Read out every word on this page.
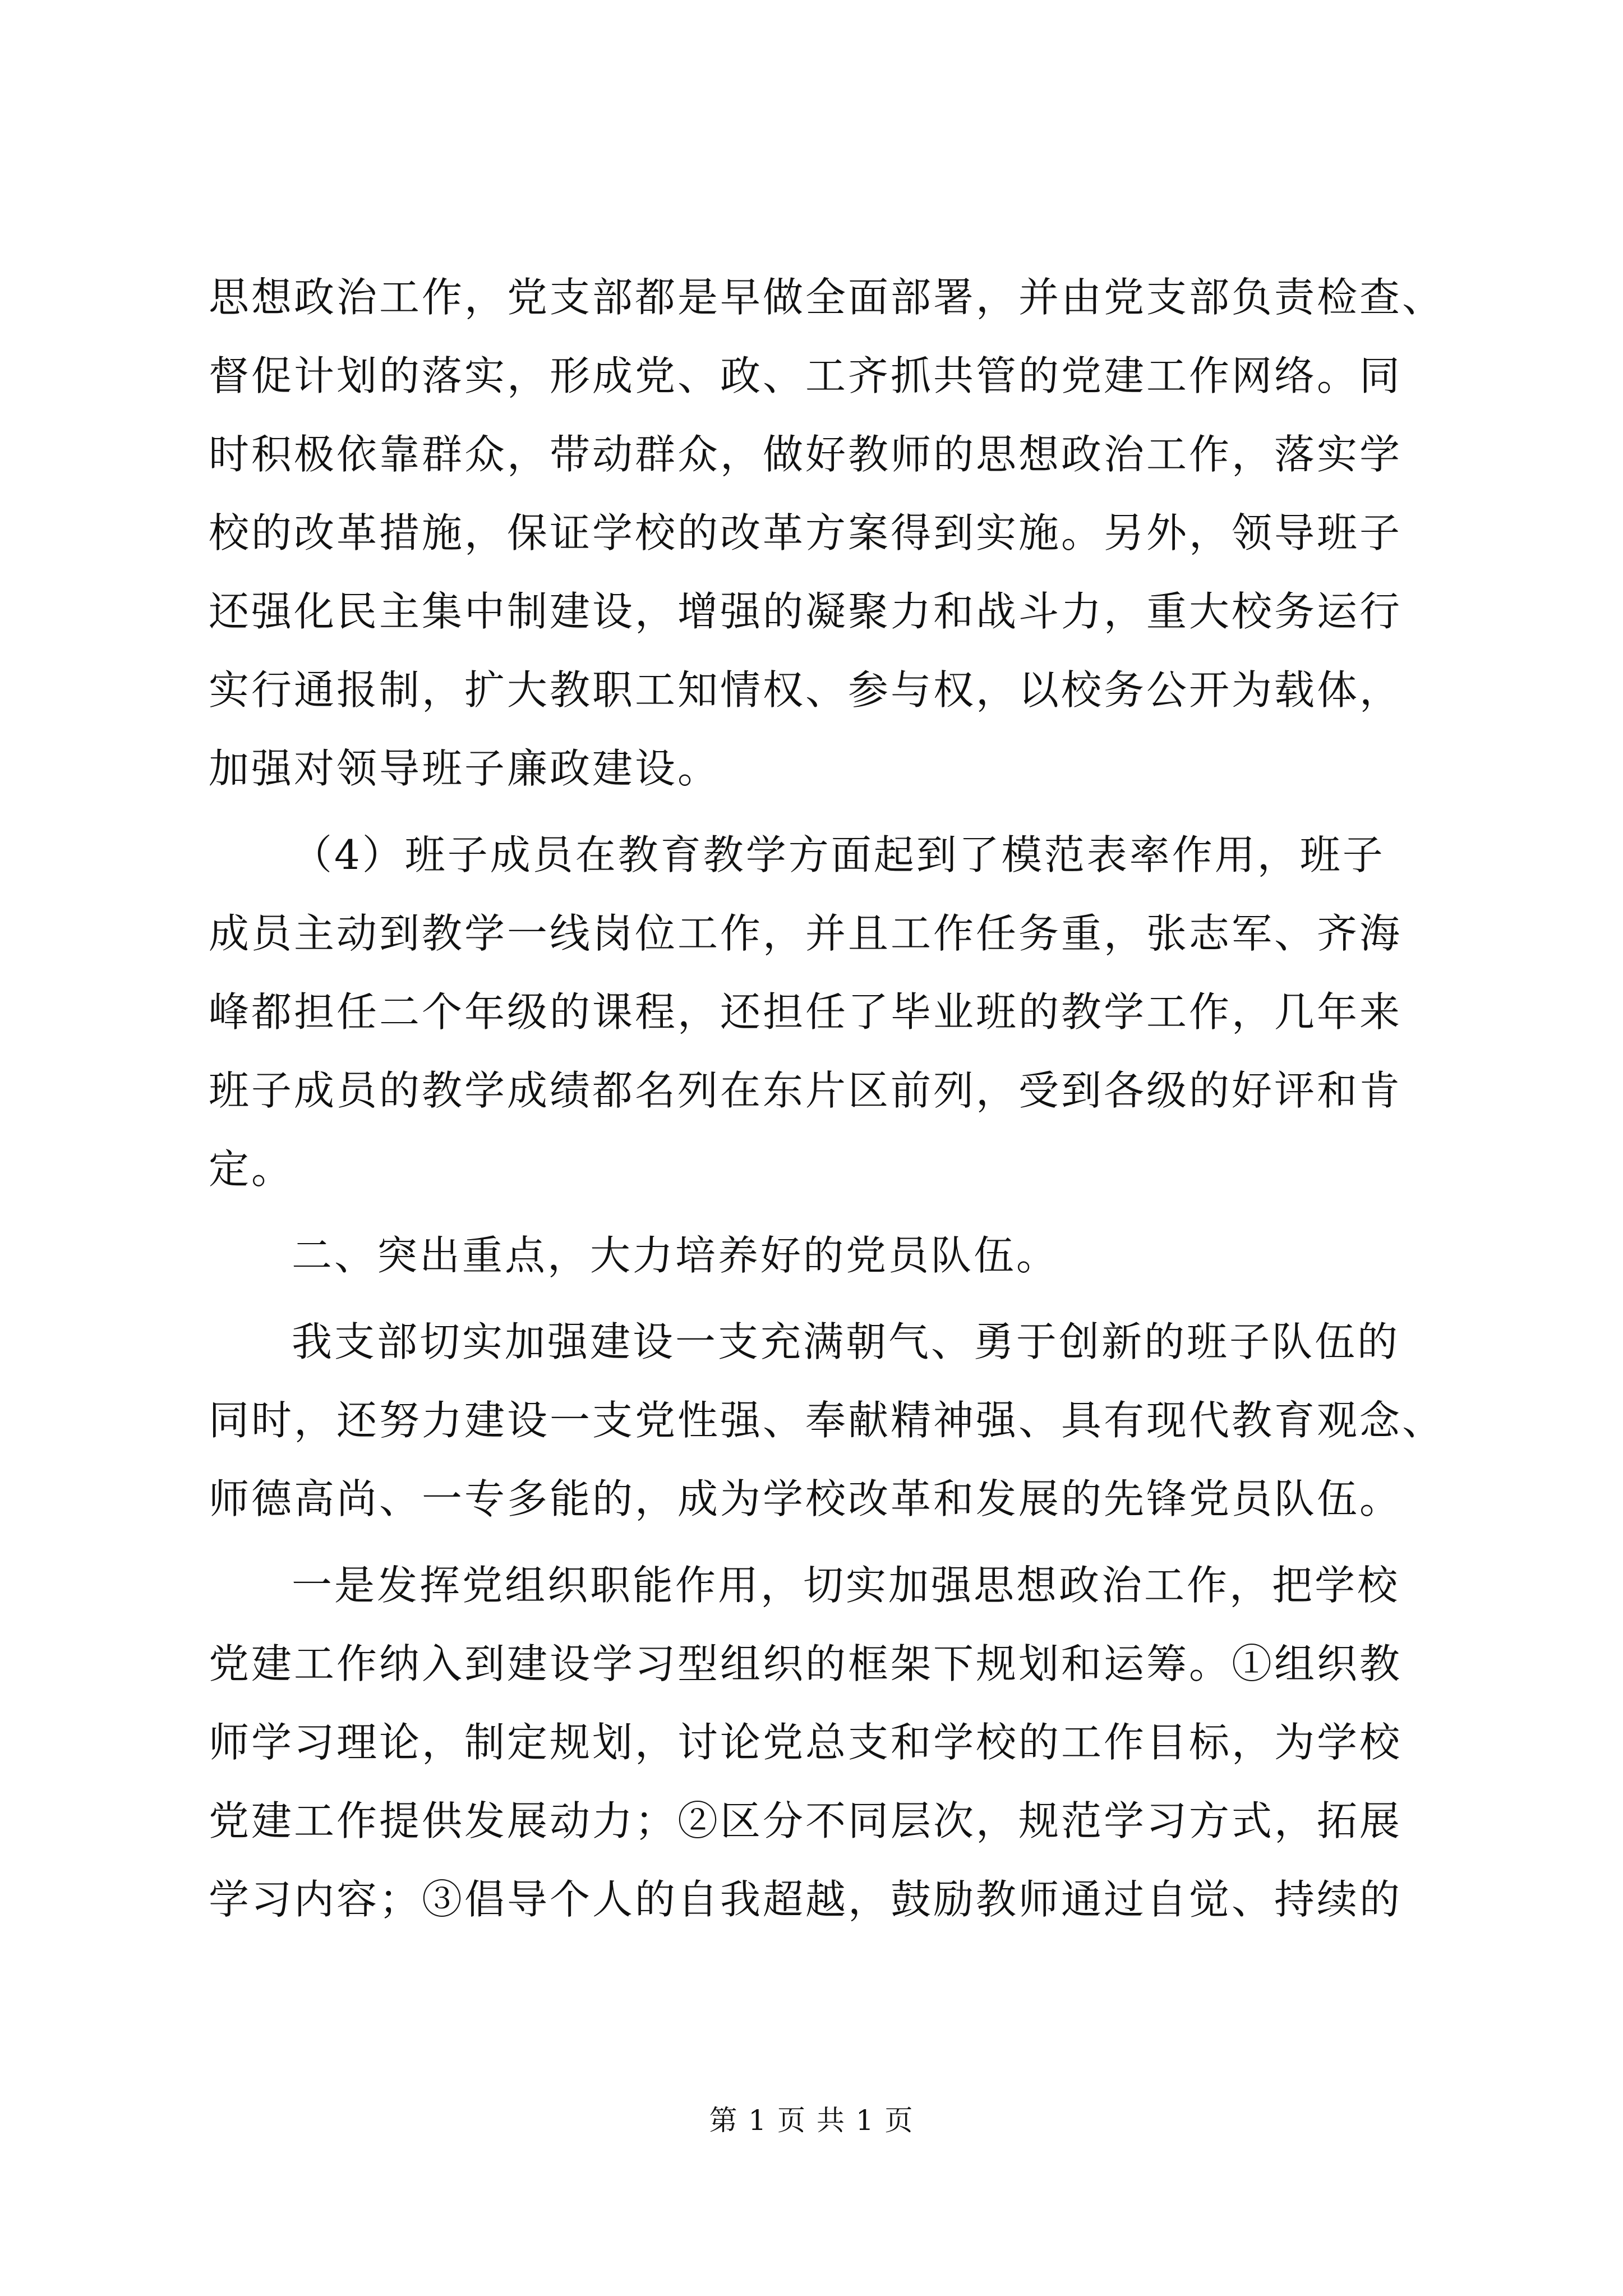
思想政治工作，党支部都是早做全面部署，并由党支部负责检查、
督促计划的落实，形成党、政、工齐抓共管的党建工作网络。同
时积极依靠群众，带动群众，做好教师的思想政治工作，落实学
校的改革措施，保证学校的改革方案得到实施。另外，领导班子
还强化民主集中制建设，增强的凝聚力和战斗力，重大校务运行
实行通报制，扩大教职工知情权、参与权，以校务公开为载体，
加强对领导班子廉政建设。
（4）班子成员在教育教学方面起到了模范表率作用，班子
成员主动到教学一线岗位工作，并且工作任务重，张志军、齐海
峰都担任二个年级的课程，还担任了毕业班的教学工作，几年来
班子成员的教学成绩都名列在东片区前列，受到各级的好评和肯
定。
二、突出重点，大力培养好的党员队伍。
我支部切实加强建设一支充满朝气、勇于创新的班子队伍的
同时，还努力建设一支党性强、奉献精神强、具有现代教育观念、
师德高尚、一专多能的，成为学校改革和发展的先锋党员队伍。
一是发挥党组织职能作用，切实加强思想政治工作，把学校
党建工作纳入到建设学习型组织的框架下规划和运筹。①组织教
师学习理论，制定规划，讨论党总支和学校的工作目标，为学校
党建工作提供发展动力；②区分不同层次，规范学习方式，拓展
学习内容；③倡导个人的自我超越，鼓励教师通过自觉、持续的
第 1 页 共 1 页
